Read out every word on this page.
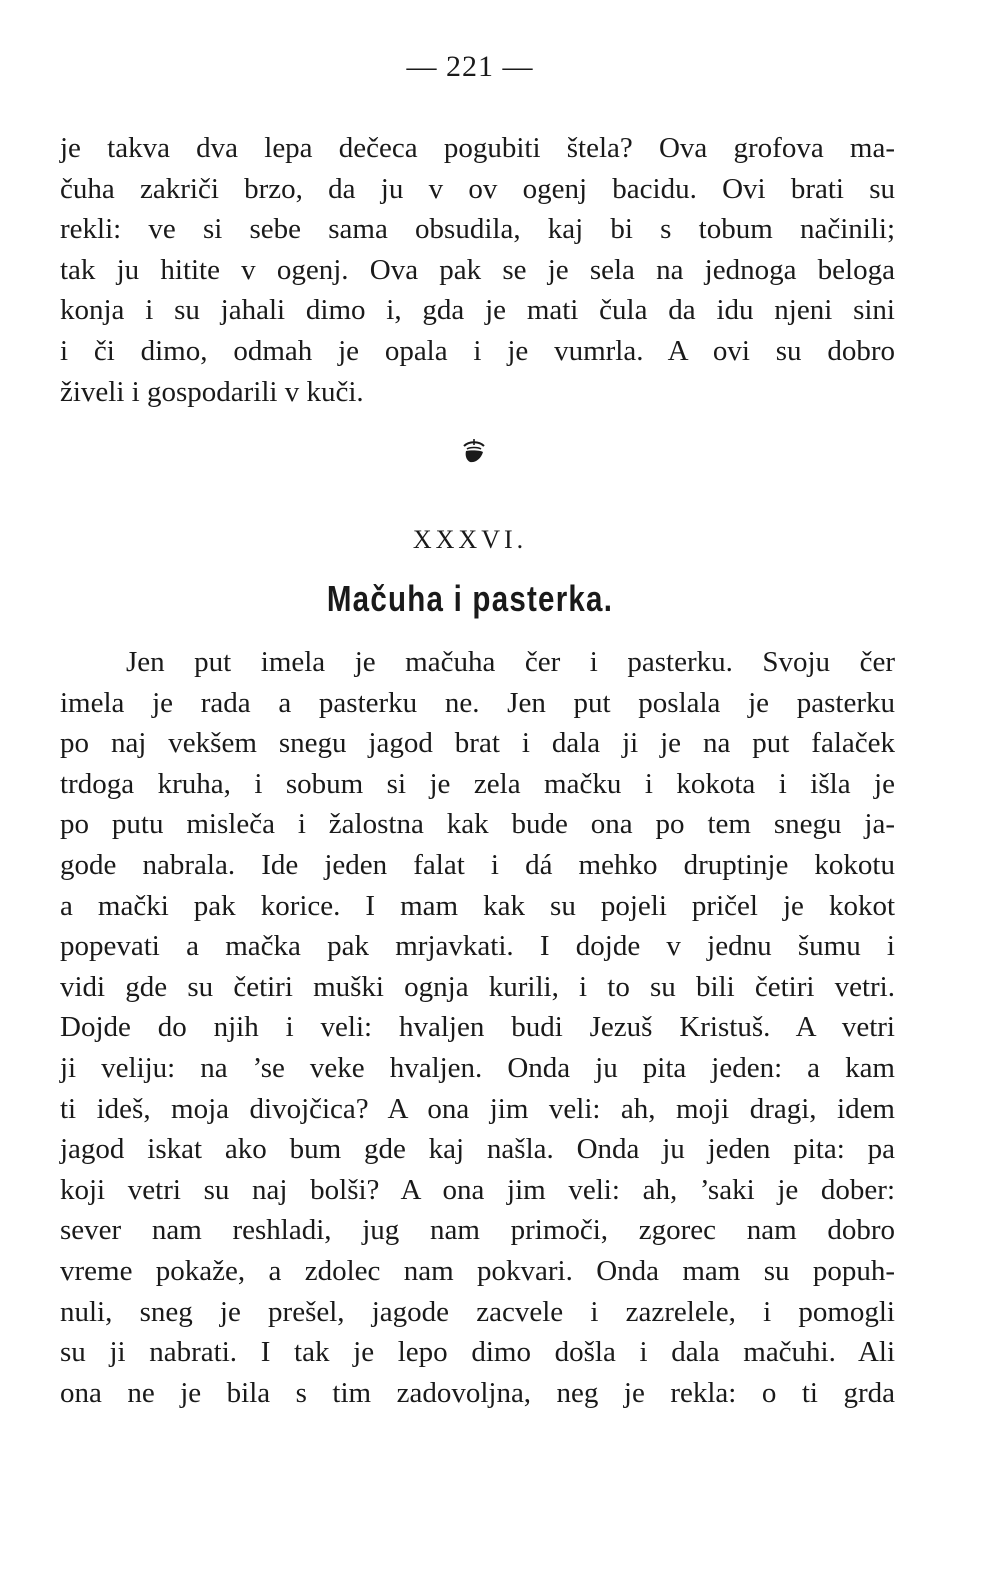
— 221 —
je takva dva lepa dečeca pogubiti štela? Ova grofova ma-
čuha zakriči brzo, da ju v ov ogenj bacidu. Ovi brati su
rekli: ve si sebe sama obsudila, kaj bi s tobum načinili;
tak ju hitite v ogenj. Ova pak se je sela na jednoga beloga
konja i su jahali dimo i, gda je mati čula da idu njeni sini
i či dimo, odmah je opala i je vumrla. A ovi su dobro
živeli i gospodarili v kuči.
XXXVI.
Mačuha i pasterka.
Jen put imela je mačuha čer i pasterku. Svoju čer
imela je rada a pasterku ne. Jen put poslala je pasterku
po naj vekšem snegu jagod brat i dala ji je na put falaček
trdoga kruha, i sobum si je zela mačku i kokota i išla je
po putu misleča i žalostna kak bude ona po tem snegu ja-
gode nabrala. Ide jeden falat i dá mehko druptinje kokotu
a mački pak korice. I mam kak su pojeli pričel je kokot
popevati a mačka pak mrjavkati. I dojde v jednu šumu i
vidi gde su četiri muški ognja kurili, i to su bili četiri vetri.
Dojde do njih i veli: hvaljen budi Jezuš Kristuš. A vetri
ji veliju: na ’se veke hvaljen. Onda ju pita jeden: a kam
ti ideš, moja divojčica? A ona jim veli: ah, moji dragi, idem
jagod iskat ako bum gde kaj našla. Onda ju jeden pita: pa
koji vetri su naj bolši? A ona jim veli: ah, ’saki je dober:
sever nam reshladi, jug nam primoči, zgorec nam dobro
vreme pokaže, a zdolec nam pokvari. Onda mam su popuh-
nuli, sneg je prešel, jagode zacvele i zazrelele, i pomogli
su ji nabrati. I tak je lepo dimo došla i dala mačuhi. Ali
ona ne je bila s tim zadovoljna, neg je rekla: o ti grda
